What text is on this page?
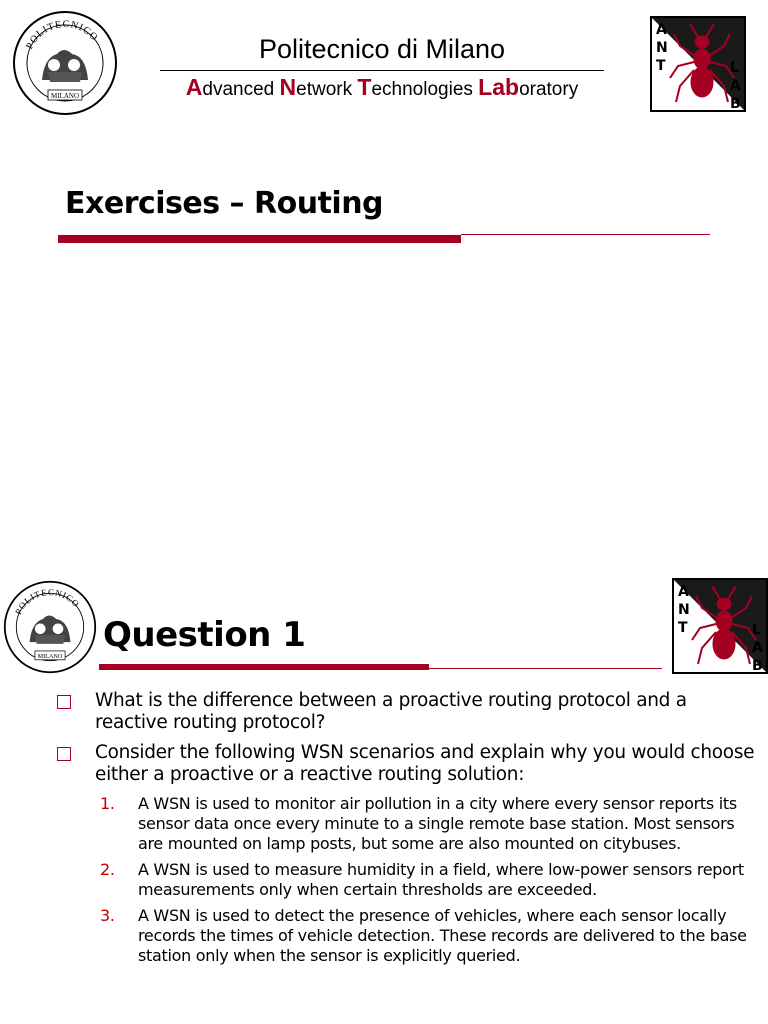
POLITECNICO
MILANO
Politecnico di Milano
Advanced Network Technologies Laboratory
A
N
T	L
A
B
Exercises – Routing
POLITECNICO
MILANO
A
N
T	L
A
B
Question 1
What is the difference between a proactive routing protocol and a reactive routing protocol?
Consider the following WSN scenarios and explain why you would choose either a proactive or a reactive routing solution:
1. A WSN is used to monitor air pollution in a city where every sensor reports its sensor data once every minute to a single remote base station. Most sensors are mounted on lamp posts, but some are also mounted on citybuses.
2. A WSN is used to measure humidity in a field, where low-power sensors report measurements only when certain thresholds are exceeded.
3. A WSN is used to detect the presence of vehicles, where each sensor locally records the times of vehicle detection. These records are delivered to the base station only when the sensor is explicitly queried.
